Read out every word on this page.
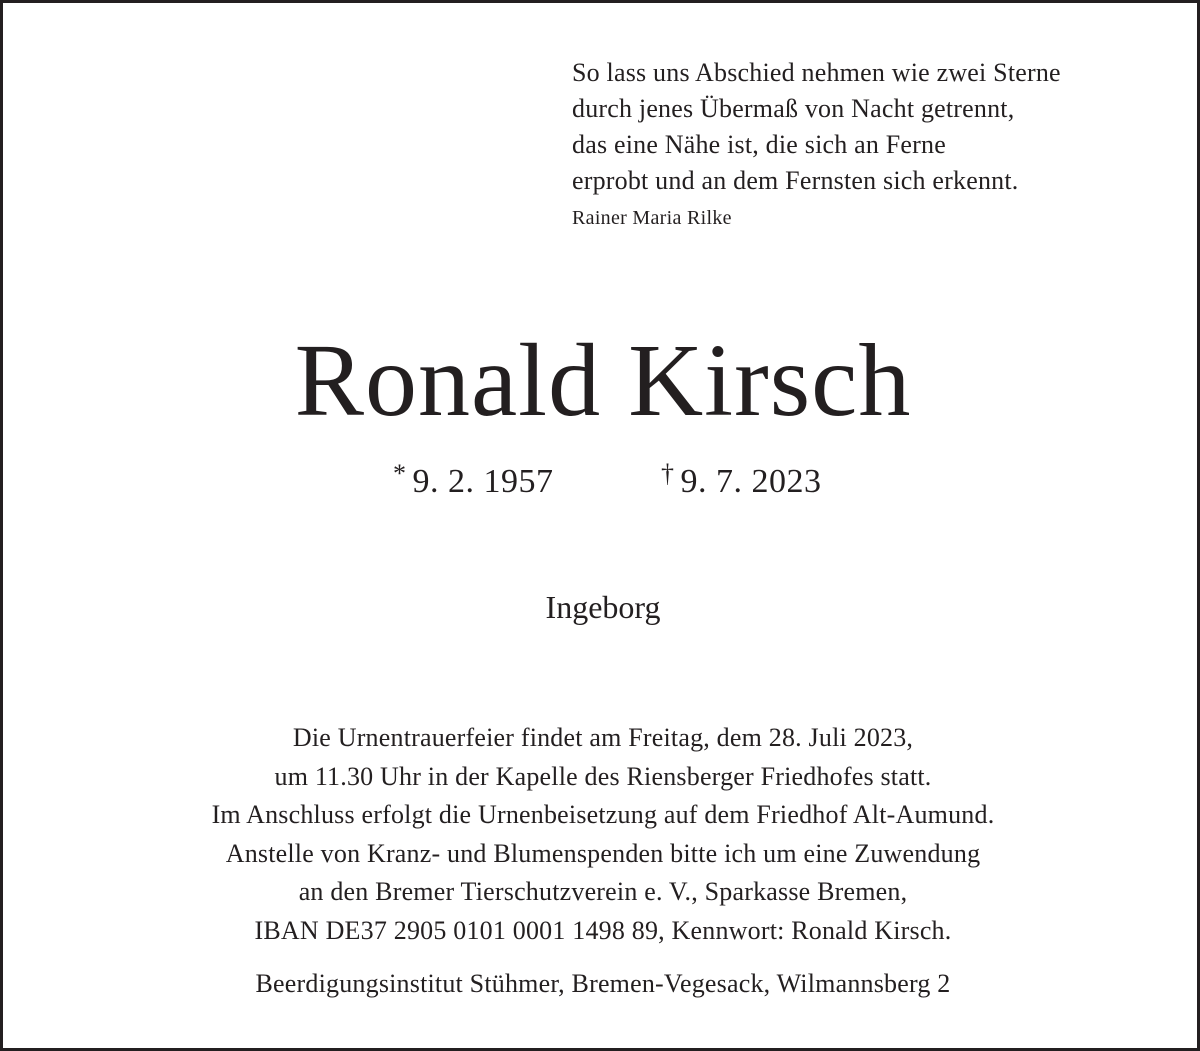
So lass uns Abschied nehmen wie zwei Sterne
durch jenes Übermaß von Nacht getrennt,
das eine Nähe ist, die sich an Ferne
erprobt und an dem Fernsten sich erkennt.
Rainer Maria Rilke
Ronald Kirsch
* 9. 2. 1957	† 9. 7. 2023
Ingeborg
Die Urnentrauerfeier findet am Freitag, dem 28. Juli 2023,
um 11.30 Uhr in der Kapelle des Riensberger Friedhofes statt.
Im Anschluss erfolgt die Urnenbeisetzung auf dem Friedhof Alt-Aumund.
Anstelle von Kranz- und Blumenspenden bitte ich um eine Zuwendung
an den Bremer Tierschutzverein e. V., Sparkasse Bremen,
IBAN DE37 2905 0101 0001 1498 89, Kennwort: Ronald Kirsch.
Beerdigungsinstitut Stühmer, Bremen-Vegesack, Wilmannsberg 2
